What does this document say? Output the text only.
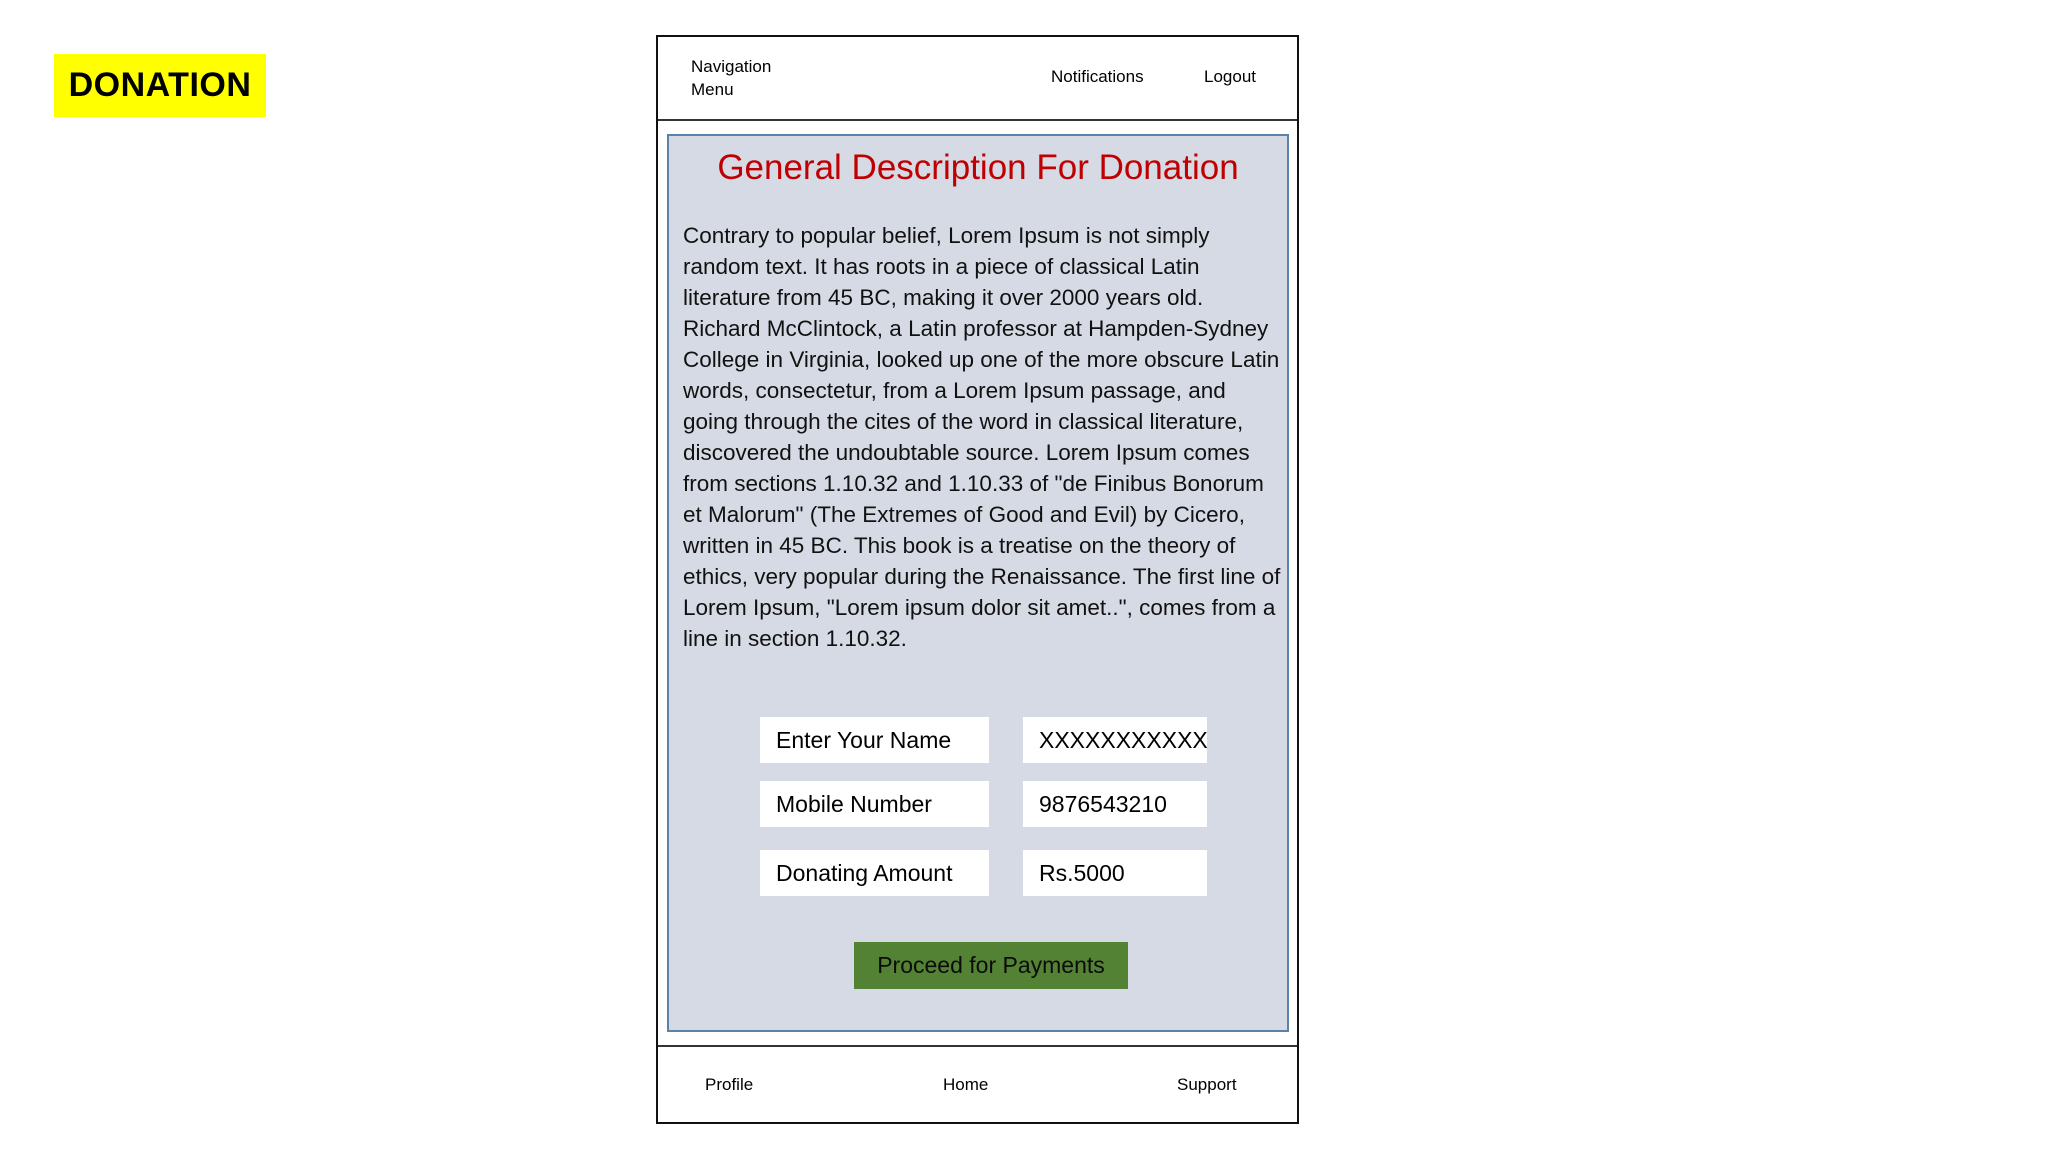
DONATION	Navigation Menu
Notifications	Logout
General Description For Donation

Contrary to popular belief, Lorem Ipsum is not simply random text. It has roots in a piece of classical Latin literature from 45 BC, making it over 2000 years old. Richard McClintock, a Latin professor at Hampden-Sydney College in Virginia, looked up one of the more obscure Latin words, consectetur, from a Lorem Ipsum passage, and going through the cites of the word in classical literature, discovered the undoubtable source. Lorem Ipsum comes from sections 1.10.32 and 1.10.33 of "de Finibus Bonorum et Malorum" (The Extremes of Good and Evil) by Cicero, written in 45 BC. This book is a treatise on the theory of ethics, very popular during the Renaissance. The first line of Lorem Ipsum, "Lorem ipsum dolor sit amet..", comes from a line in section 1.10.32.

Enter Your Name	XXXXXXXXXXX
Mobile Number	9876543210
Donating Amount	Rs.5000
Proceed for Payments
Profile	Home	Support
